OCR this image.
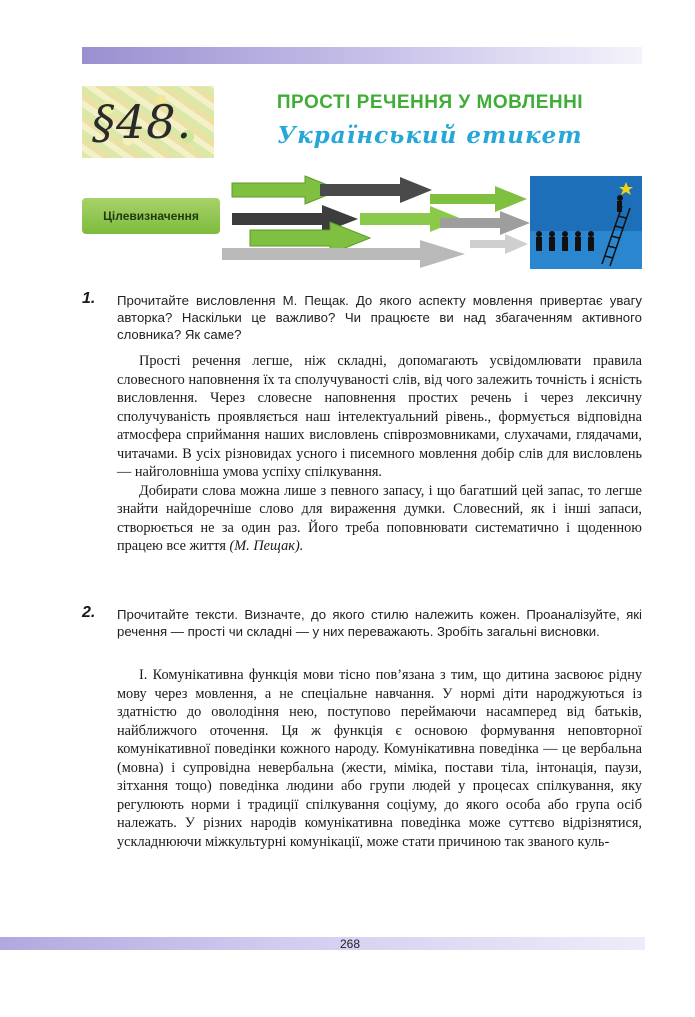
§48.	ПРОСТІ РЕЧЕННЯ У МОВЛЕННІ
Український етикет
Цілевизначення
1. Прочитайте висловлення М. Пещак. До якого аспекту мовлення привертає увагу авторка? Наскільки це важливо? Чи працюєте ви над збагаченням активного словника? Як саме?

Прості речення легше, ніж складні, допомагають усвідомлювати правила словесного наповнення їх та сполучуваності слів, від чого залежить точність і ясність висловлення. Через словесне наповнення простих речень і через лексичну сполучуваність проявляється наш інтелектуальний рівень., формується відповідна атмосфера сприймання наших висловлень співрозмовниками, слухачами, глядачами, читачами. В усіх різновидах усного і писемного мовлення добір слів для висловлень — найголовніша умова успіху спілкування.

Добирати слова можна лише з певного запасу, і що багатший цей запас, то легше знайти найдоречніше слово для вираження думки. Словесний, як і інші запаси, створюється не за один раз. Його треба поповнювати систематично і щоденною працею все життя (М. Пещак).

2. Прочитайте тексти. Визначте, до якого стилю належить кожен. Проаналізуйте, які речення — прості чи складні — у них переважають. Зробіть загальні висновки.

І. Комунікативна функція мови тісно пов’язана з тим, що дитина засвоює рідну мову через мовлення, а не спеціальне навчання. У нормі діти народжуються із здатністю до оволодіння нею, поступово переймаючи насамперед від батьків, найближчого оточення. Ця ж функція є основою формування неповторної комунікативної поведінки кожного народу. Комунікативна поведінка — це вербальна (мовна) і супровідна невербальна (жести, міміка, постави тіла, інтонація, паузи, зітхання тощо) поведінка людини або групи людей у процесах спілкування, яку регулюють норми і традиції спілкування соціуму, до якого особа або група осіб належать. У різних народів комунікативна поведінка може суттєво відрізнятися, ускладнюючи міжкультурні комунікації, може стати причиною так званого куль-

268
